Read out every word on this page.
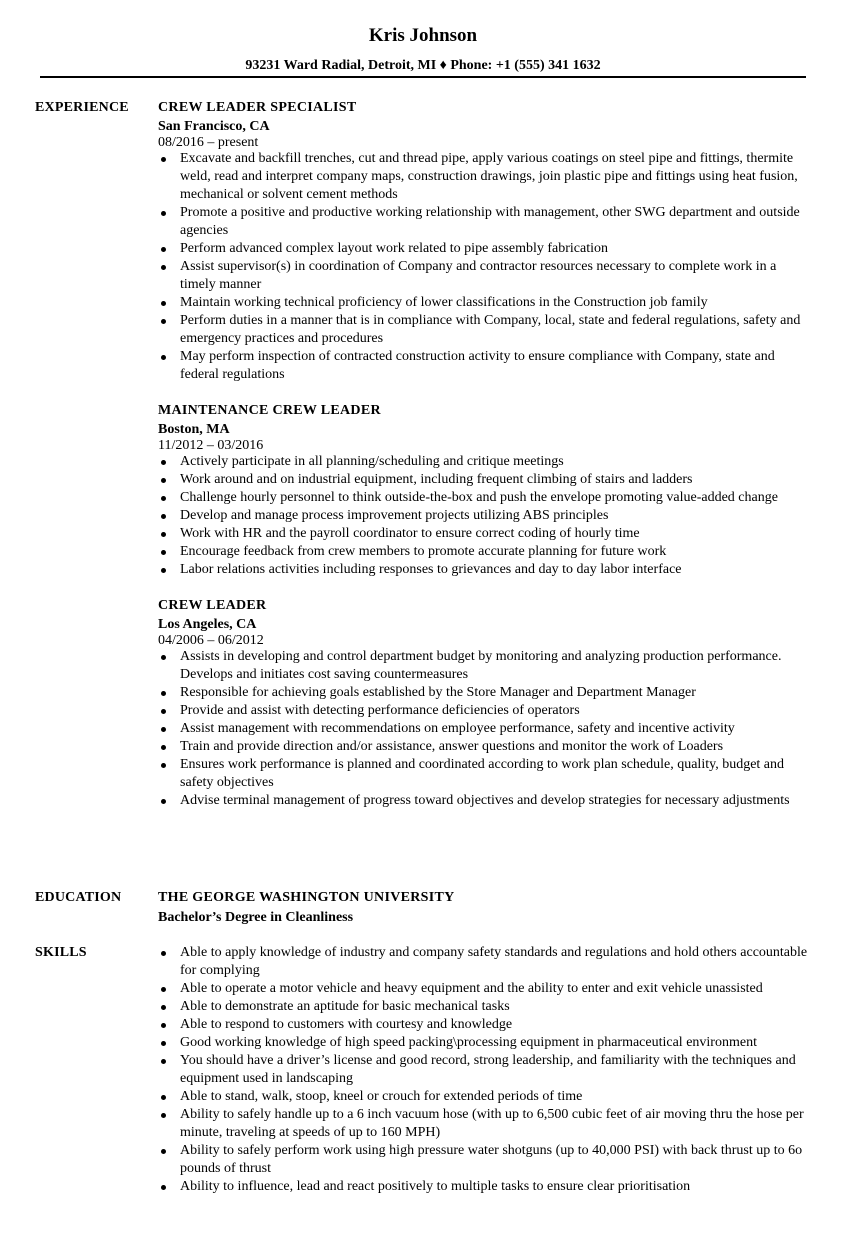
Kris Johnson
93231 Ward Radial, Detroit, MI ♦ Phone: +1 (555) 341 1632
EXPERIENCE CREW LEADER SPECIALIST
San Francisco, CA
08/2016 – present
Excavate and backfill trenches, cut and thread pipe, apply various coatings on steel pipe and fittings, thermite weld, read and interpret company maps, construction drawings, join plastic pipe and fittings using heat fusion, mechanical or solvent cement methods
Promote a positive and productive working relationship with management, other SWG department and outside agencies
Perform advanced complex layout work related to pipe assembly fabrication
Assist supervisor(s) in coordination of Company and contractor resources necessary to complete work in a timely manner
Maintain working technical proficiency of lower classifications in the Construction job family
Perform duties in a manner that is in compliance with Company, local, state and federal regulations, safety and emergency practices and procedures
May perform inspection of contracted construction activity to ensure compliance with Company, state and federal regulations
MAINTENANCE CREW LEADER
Boston, MA
11/2012 – 03/2016
Actively participate in all planning/scheduling and critique meetings
Work around and on industrial equipment, including frequent climbing of stairs and ladders
Challenge hourly personnel to think outside-the-box and push the envelope promoting value-added change
Develop and manage process improvement projects utilizing ABS principles
Work with HR and the payroll coordinator to ensure correct coding of hourly time
Encourage feedback from crew members to promote accurate planning for future work
Labor relations activities including responses to grievances and day to day labor interface
CREW LEADER
Los Angeles, CA
04/2006 – 06/2012
Assists in developing and control department budget by monitoring and analyzing production performance. Develops and initiates cost saving countermeasures
Responsible for achieving goals established by the Store Manager and Department Manager
Provide and assist with detecting performance deficiencies of operators
Assist management with recommendations on employee performance, safety and incentive activity
Train and provide direction and/or assistance, answer questions and monitor the work of Loaders
Ensures work performance is planned and coordinated according to work plan schedule, quality, budget and safety objectives
Advise terminal management of progress toward objectives and develop strategies for necessary adjustments
EDUCATION	THE GEORGE WASHINGTON UNIVERSITY
Bachelor’s Degree in Cleanliness
SKILLS	Able to apply knowledge of industry and company safety standards and regulations and hold others accountable for complying
Able to operate a motor vehicle and heavy equipment and the ability to enter and exit vehicle unassisted
Able to demonstrate an aptitude for basic mechanical tasks
Able to respond to customers with courtesy and knowledge
Good working knowledge of high speed packing\processing equipment in pharmaceutical environment
You should have a driver’s license and good record, strong leadership, and familiarity with the techniques and equipment used in landscaping
Able to stand, walk, stoop, kneel or crouch for extended periods of time
Ability to safely handle up to a 6 inch vacuum hose (with up to 6,500 cubic feet of air moving thru the hose per minute, traveling at speeds of up to 160 MPH)
Ability to safely perform work using high pressure water shotguns (up to 40,000 PSI) with back thrust up to 6o pounds of thrust
Ability to influence, lead and react positively to multiple tasks to ensure clear prioritisation
